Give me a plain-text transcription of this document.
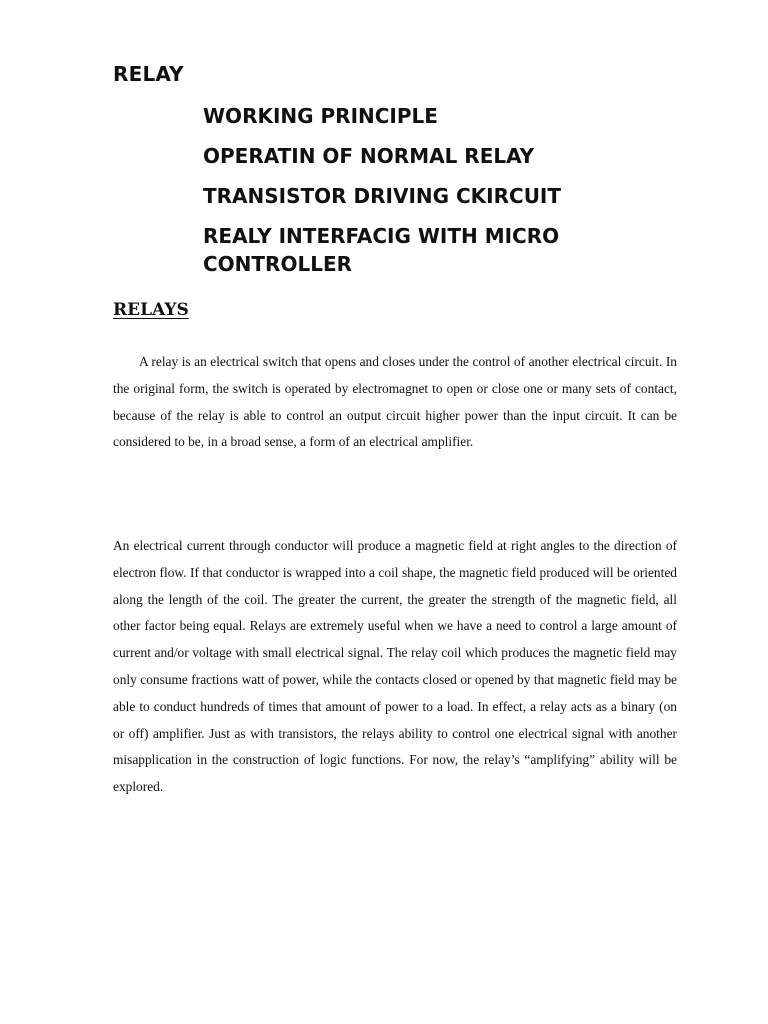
RELAY
WORKING PRINCIPLE
OPERATIN OF NORMAL RELAY
TRANSISTOR DRIVING CKIRCUIT
REALY INTERFACIG WITH MICRO CONTROLLER
RELAYS

A relay is an electrical switch that opens and closes under the control of another electrical circuit. In the original form, the switch is operated by electromagnet to open or close one or many sets of contact, because of the relay is able to control an output circuit higher power than the input circuit. It can be considered to be, in a broad sense, a form of an electrical amplifier.

An electrical current through conductor will produce a magnetic field at right angles to the direction of electron flow. If that conductor is wrapped into a coil shape, the magnetic field produced will be oriented along the length of the coil. The greater the current, the greater the strength of the magnetic field, all other factor being equal. Relays are extremely useful when we have a need to control a large amount of current and/or voltage with small electrical signal. The relay coil which produces the magnetic field may only consume fractions watt of power, while the contacts closed or opened by that magnetic field may be able to conduct hundreds of times that amount of power to a load. In effect, a relay acts as a binary (on or off) amplifier. Just as with transistors, the relays ability to control one electrical signal with another misapplication in the construction of logic functions. For now, the relay’s “amplifying” ability will be explored.
